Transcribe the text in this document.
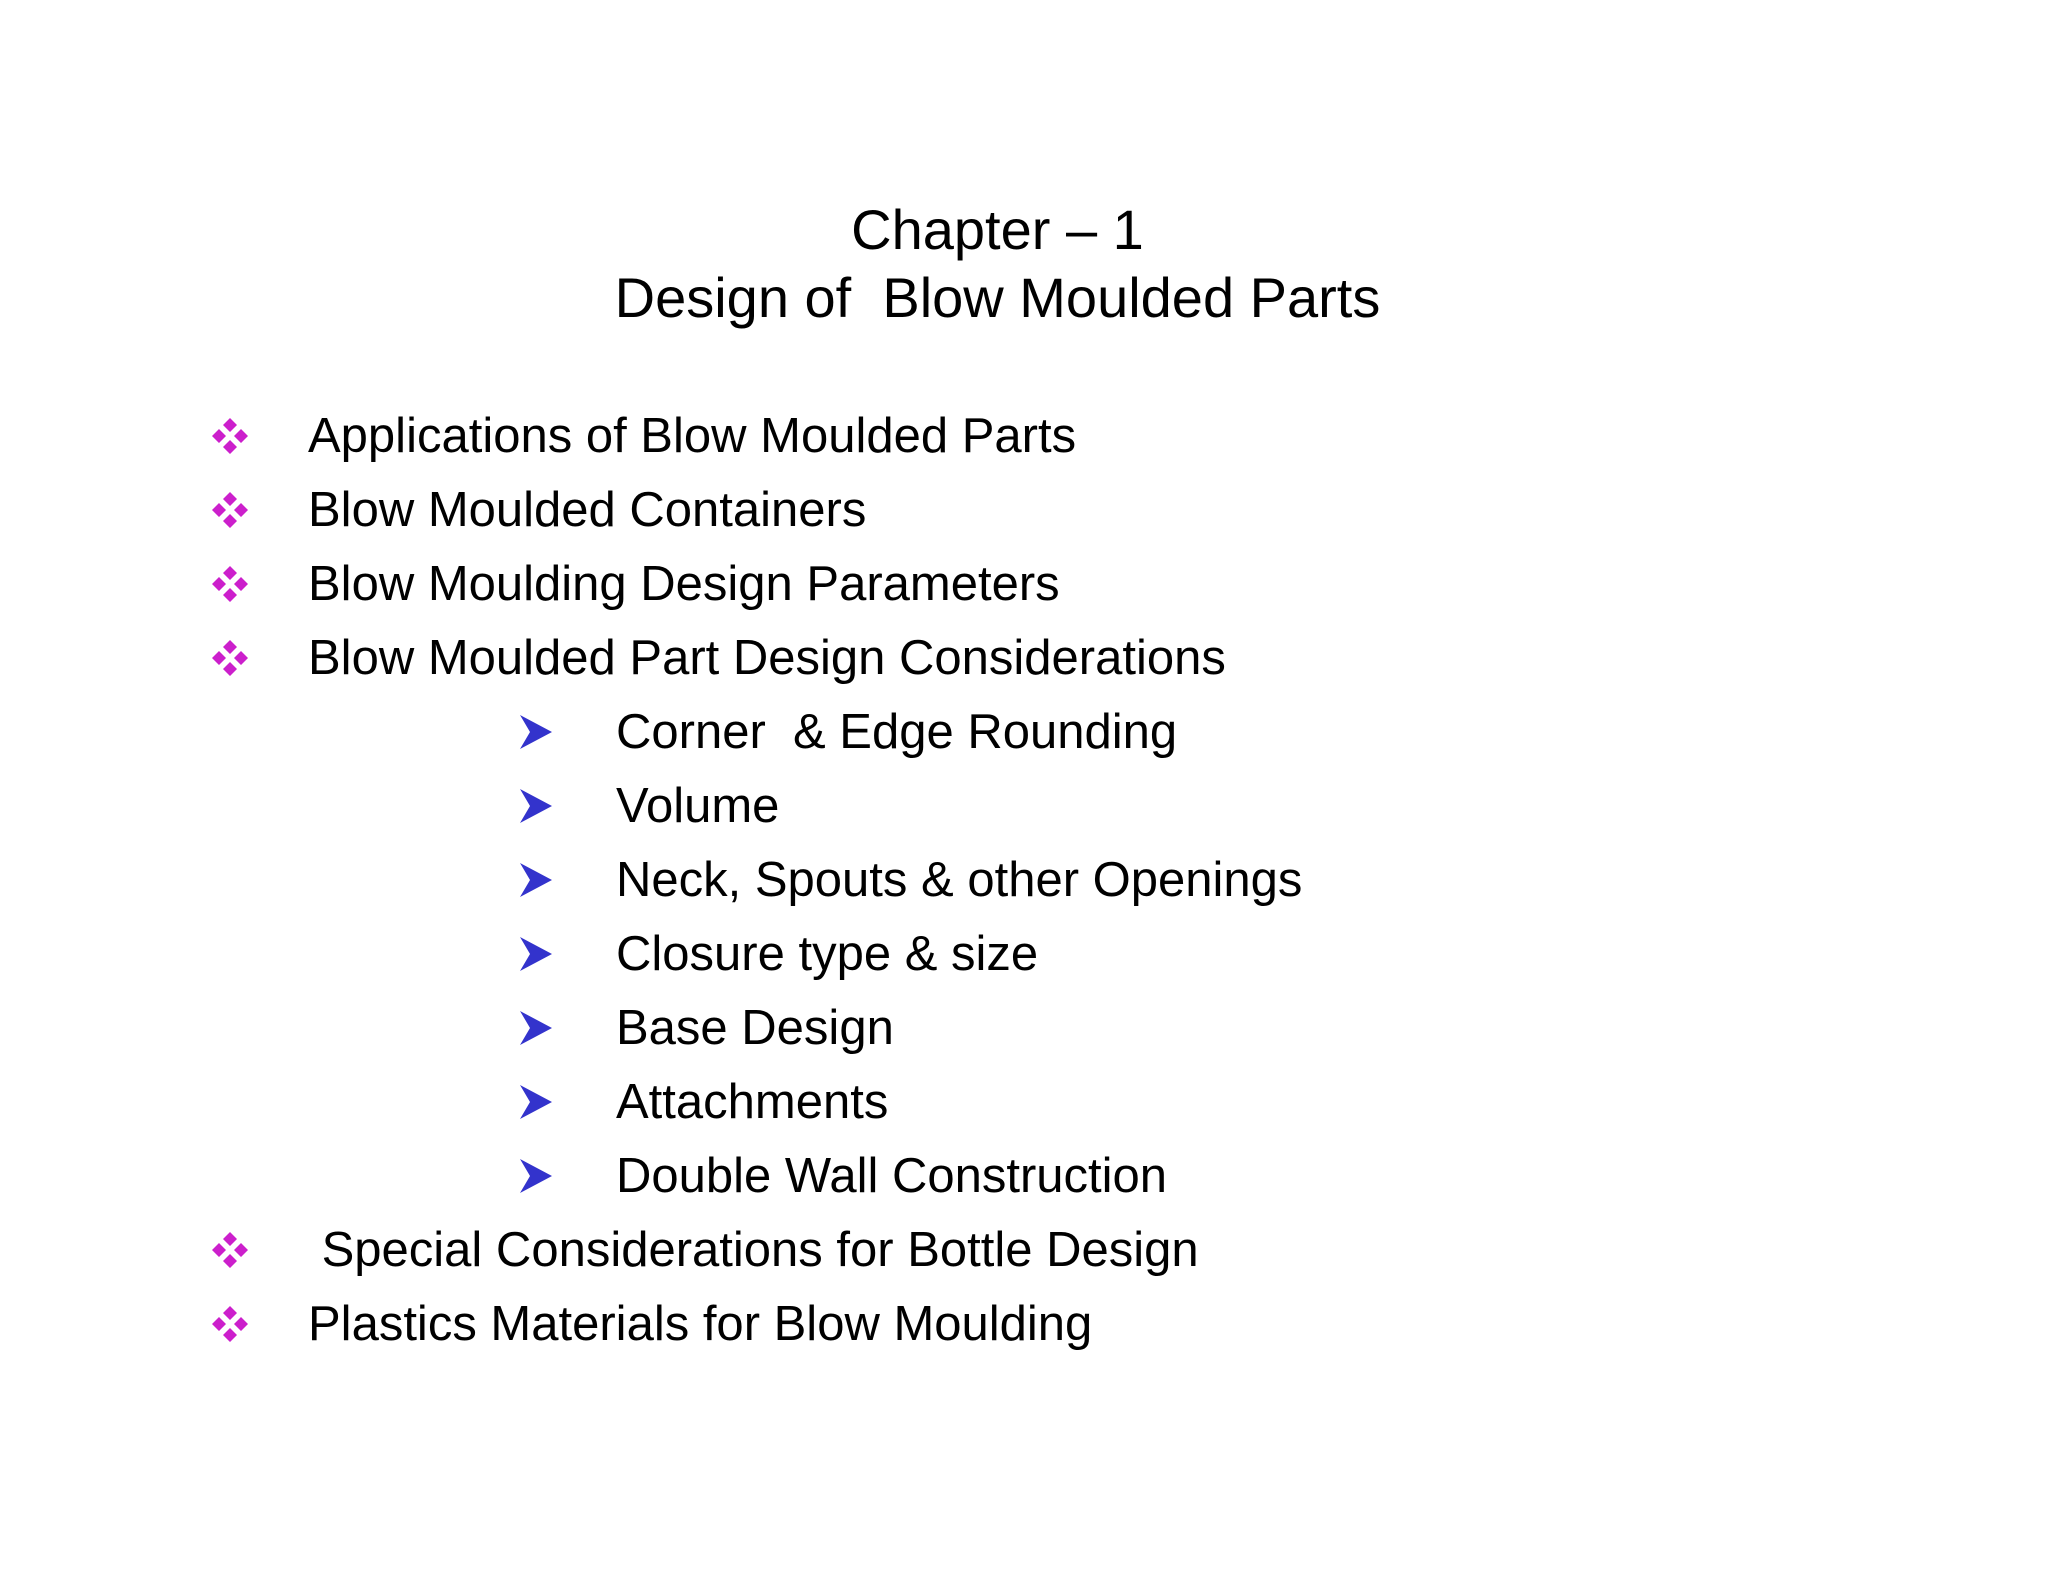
Chapter – 1
Design of  Blow Moulded Parts

Applications of Blow Moulded Parts

Blow Moulded Containers

Blow Moulding Design Parameters

Blow Moulded Part Design Considerations

Corner  & Edge Rounding

Volume

Neck, Spouts & other Openings

Closure type & size

Base Design

Attachments

Double Wall Construction

Special Considerations for Bottle Design

Plastics Materials for Blow Moulding
